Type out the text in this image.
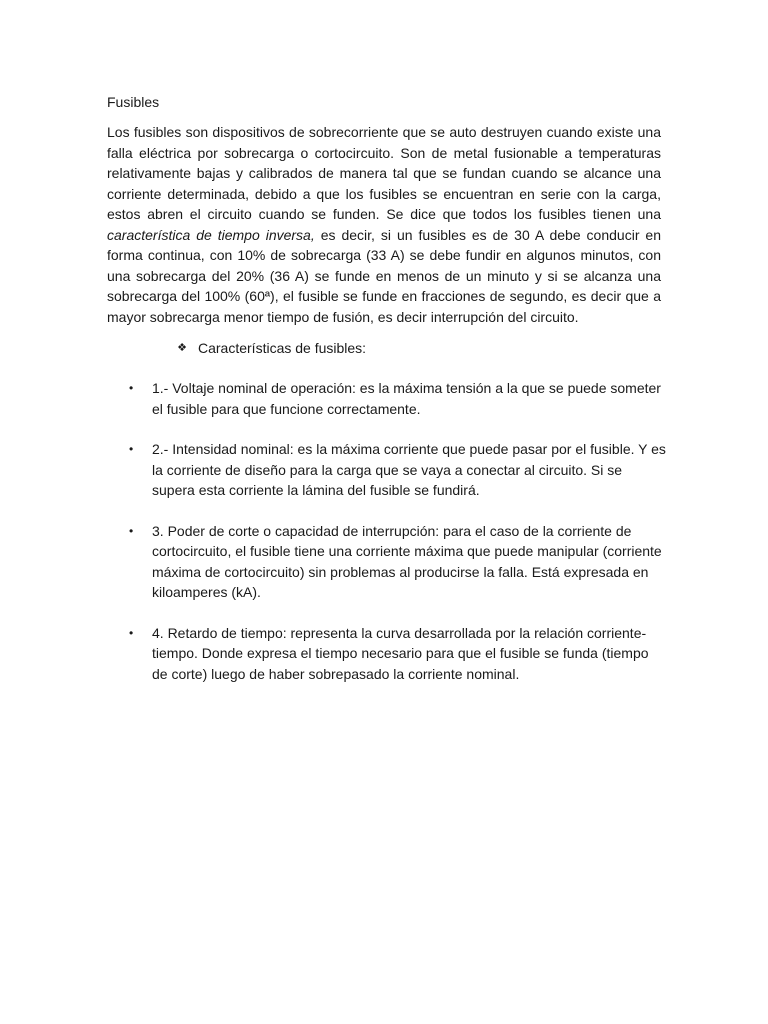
Fusibles
Los fusibles son dispositivos de sobrecorriente que se auto destruyen cuando existe una falla eléctrica por sobrecarga o cortocircuito. Son de metal fusionable a temperaturas relativamente bajas y calibrados de manera tal que se fundan cuando se alcance una corriente determinada, debido a que los fusibles se encuentran en serie con la carga, estos abren el circuito cuando se funden. Se dice que todos los fusibles tienen una característica de tiempo inversa, es decir, si un fusibles es de 30 A debe conducir en forma continua, con 10% de sobrecarga (33 A) se debe fundir en algunos minutos, con una sobrecarga del 20% (36 A) se funde en menos de un minuto y si se alcanza una sobrecarga del 100% (60ª), el fusible se funde en fracciones de segundo, es decir que a mayor sobrecarga menor tiempo de fusión, es decir interrupción del circuito.
❖ Características de fusibles:
•	1.- Voltaje nominal de operación: es la máxima tensión a la que se puede someter el fusible para que funcione correctamente.
•	2.- Intensidad nominal: es la máxima corriente que puede pasar por el fusible. Y es la corriente de diseño para la carga que se vaya a conectar al circuito. Si se supera esta corriente la lámina del fusible se fundirá.
•	3. Poder de corte o capacidad de interrupción: para el caso de la corriente de cortocircuito, el fusible tiene una corriente máxima que puede manipular (corriente máxima de cortocircuito) sin problemas al producirse la falla. Está expresada en kiloamperes (kA).
•	4. Retardo de tiempo: representa la curva desarrollada por la relación corriente-tiempo. Donde expresa el tiempo necesario para que el fusible se funda (tiempo de corte) luego de haber sobrepasado la corriente nominal.
